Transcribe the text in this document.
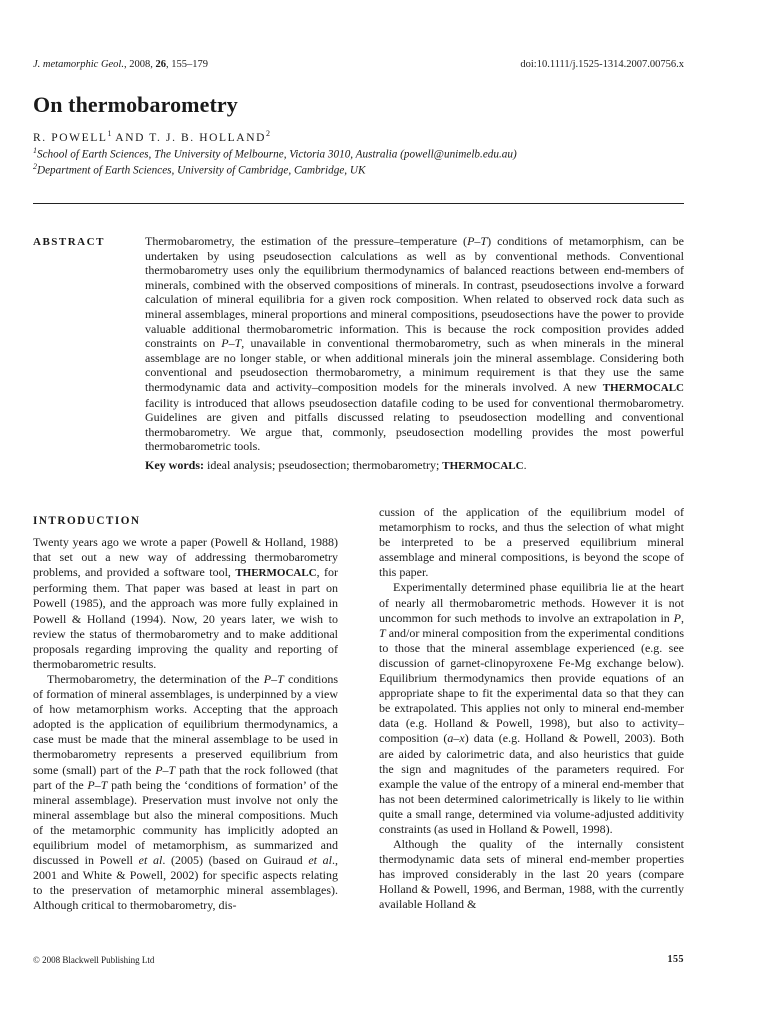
J. metamorphic Geol., 2008, 26, 155–179	doi:10.1111/j.1525-1314.2007.00756.x
On thermobarometry
R. POWELL$^1$ AND T. J. B. HOLLAND$^2$
$^1$School of Earth Sciences, The University of Melbourne, Victoria 3010, Australia (powell@unimelb.edu.au)
$^2$Department of Earth Sciences, University of Cambridge, Cambridge, UK
ABSTRACT	Thermobarometry, the estimation of the pressure–temperature (P–T) conditions of metamorphism, can be undertaken by using pseudosection calculations as well as by conventional methods. Conventional thermobarometry uses only the equilibrium thermodynamics of balanced reactions between end-members of minerals, combined with the observed compositions of minerals. In contrast, pseudosections involve a forward calculation of mineral equilibria for a given rock composition. When related to observed rock data such as mineral assemblages, mineral proportions and mineral compositions, pseudosections have the power to provide valuable additional thermobarometric information. This is because the rock composition provides added constraints on P–T, unavailable in conventional thermobarometry, such as when minerals in the mineral assemblage are no longer stable, or when additional minerals join the mineral assemblage. Considering both conventional and pseudosection thermobarometry, a minimum requirement is that they use the same thermodynamic data and activity–composition models for the minerals involved. A new THERMOCALC facility is introduced that allows pseudosection datafile coding to be used for conventional thermobarometry. Guidelines are given and pitfalls discussed relating to pseudosection modelling and conventional thermobarometry. We argue that, commonly, pseudosection modelling provides the most powerful thermobarometric tools.

Key words: ideal analysis; pseudosection; thermobarometry; THERMOCALC.
INTRODUCTION

Twenty years ago we wrote a paper (Powell & Holland, 1988) that set out a new way of addressing thermobarometry problems, and provided a software tool, THERMOCALC, for performing them. That paper was based at least in part on Powell (1985), and the approach was more fully explained in Powell & Holland (1994). Now, 20 years later, we wish to review the status of thermobarometry and to make additional proposals regarding improving the quality and reporting of thermobarometric results.

Thermobarometry, the determination of the P–T conditions of formation of mineral assemblages, is underpinned by a view of how metamorphism works. Accepting that the approach adopted is the application of equilibrium thermodynamics, a case must be made that the mineral assemblage to be used in thermobarometry represents a preserved equilibrium from some (small) part of the P–T path that the rock followed (that part of the P–T path being the ‘conditions of formation’ of the mineral assemblage). Preservation must involve not only the mineral assemblage but also the mineral compositions. Much of the metamorphic community has implicitly adopted an equilibrium model of metamorphism, as summarized and discussed in Powell et al. (2005) (based on Guiraud et al., 2001 and White & Powell, 2002) for specific aspects relating to the preservation of metamorphic mineral assemblages). Although critical to thermobarometry, dis-

cussion of the application of the equilibrium model of metamorphism to rocks, and thus the selection of what might be interpreted to be a preserved equilibrium mineral assemblage and mineral compositions, is beyond the scope of this paper.

Experimentally determined phase equilibria lie at the heart of nearly all thermobarometric methods. However it is not uncommon for such methods to involve an extrapolation in P, T and/or mineral composition from the experimental conditions to those that the mineral assemblage experienced (e.g. see discussion of garnet-clinopyroxene Fe-Mg exchange below). Equilibrium thermodynamics then provide equations of an appropriate shape to fit the experimental data so that they can be extrapolated. This applies not only to mineral end-member data (e.g. Holland & Powell, 1998), but also to activity–composition (a–x) data (e.g. Holland & Powell, 2003). Both are aided by calorimetric data, and also heuristics that guide the sign and magnitudes of the parameters required. For example the value of the entropy of a mineral end-member that has not been determined calorimetrically is likely to lie within quite a small range, determined via volume-adjusted additivity constraints (as used in Holland & Powell, 1998).

Although the quality of the internally consistent thermodynamic data sets of mineral end-member properties has improved considerably in the last 20 years (compare Holland & Powell, 1996, and Berman, 1988, with the currently available Holland &

© 2008 Blackwell Publishing Ltd	155
